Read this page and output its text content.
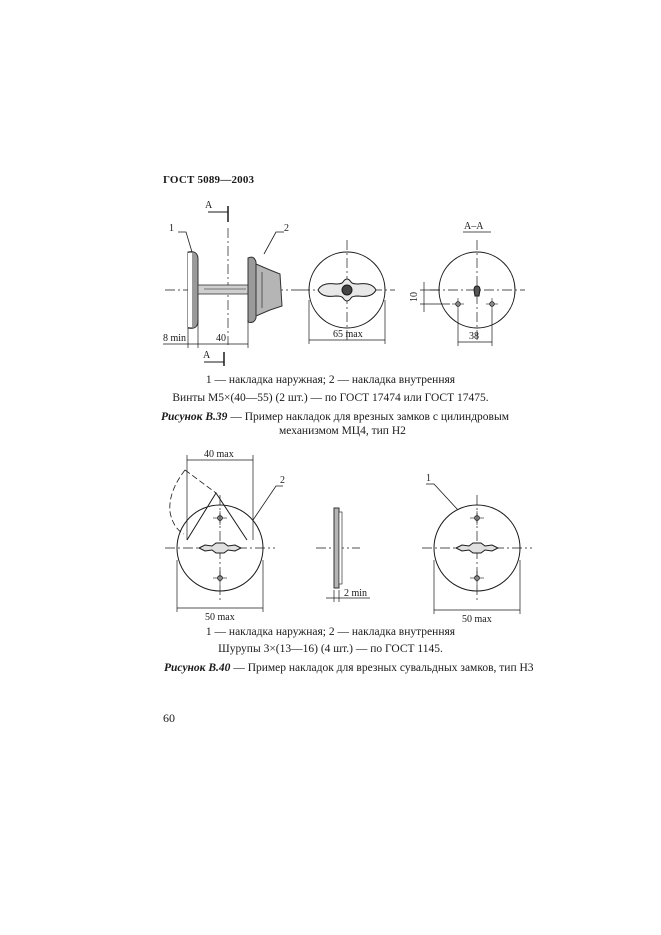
ГОСТ 5089—2003
А
1	2	А–А
8 min	40	65 max
10
38
А
40 max
2	1
50 max
2 min
50 max
1 — накладка наружная; 2 — накладка внутренняя
Винты М5×(40—55) (2 шт.) — по ГОСТ 17474 или ГОСТ 17475.
Рисунок В.39 — Пример накладок для врезных замков с цилиндровым
механизмом МЦ4, тип Н2
1 — накладка наружная; 2 — накладка внутренняя
Шурупы 3×(13—16) (4 шт.) — по ГОСТ 1145.
Рисунок В.40 — Пример накладок для врезных сувальдных замков, тип Н3
60
